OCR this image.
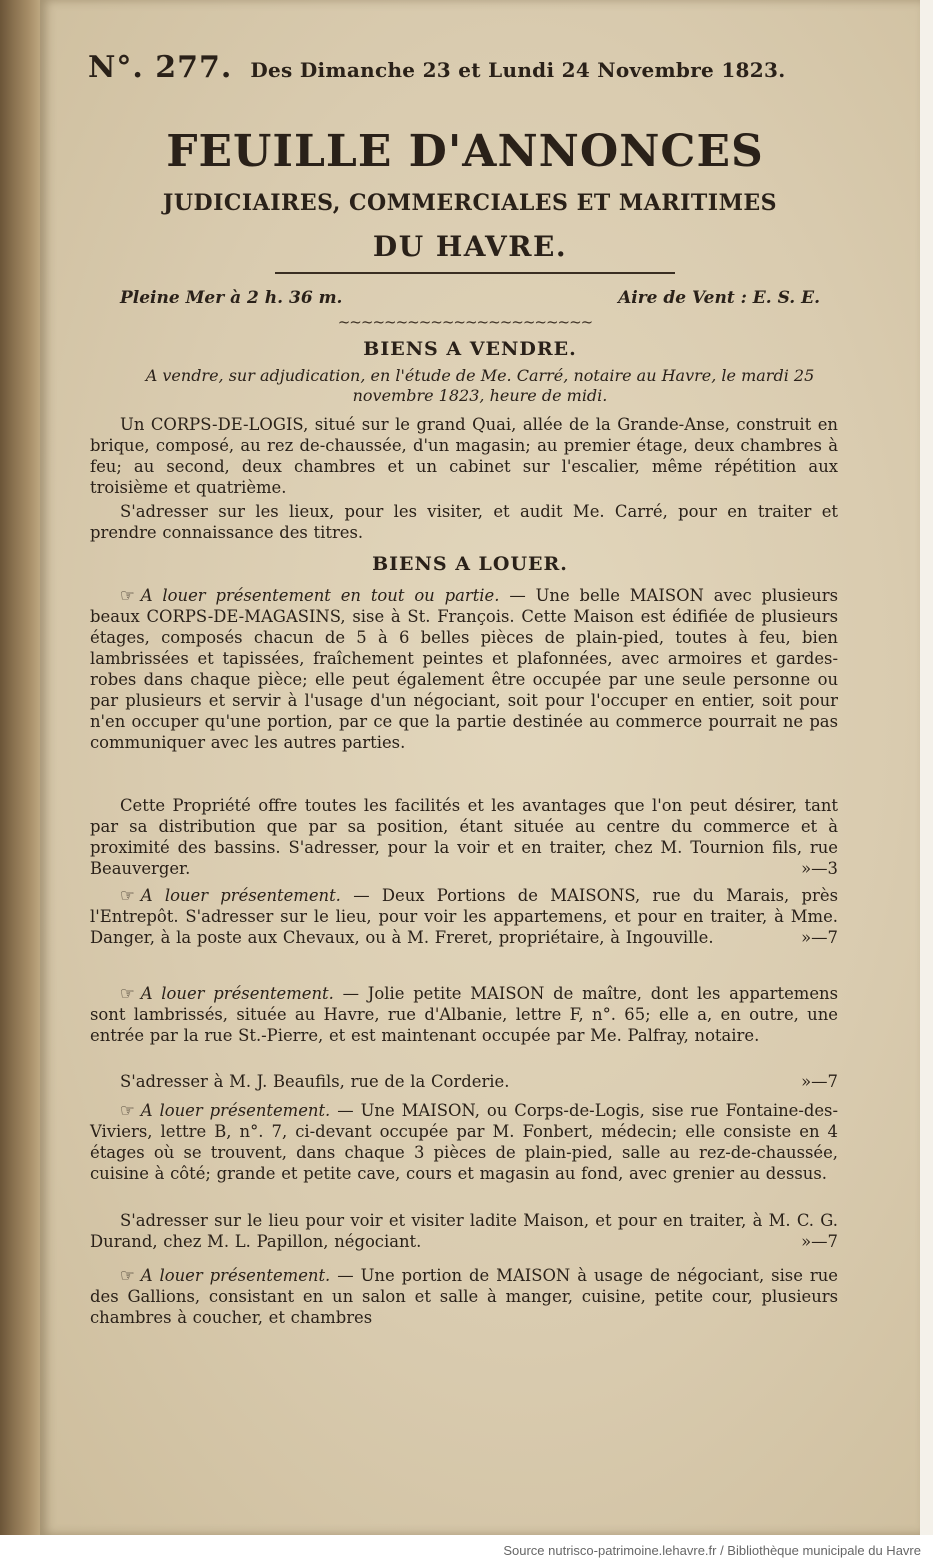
N°. 277. Des Dimanche 23 et Lundi 24 Novembre 1823.
FEUILLE D'ANNONCES
JUDICIAIRES, COMMERCIALES ET MARITIMES
DU HAVRE.
Pleine Mer à 2 h. 36 m.	Aire de Vent : E. S. E.
~~~~~~~~~~~~~~~~~~~~~~
BIENS A VENDRE.
A vendre, sur adjudication, en l'étude de Me. Carré, notaire au Havre, le mardi 25 novembre 1823, heure de midi.
Un CORPS-DE-LOGIS, situé sur le grand Quai, allée de la Grande-Anse, construit en brique, composé, au rez de-chaussée, d'un magasin; au premier étage, deux chambres à feu; au second, deux chambres et un cabinet sur l'escalier, même répétition aux troisième et quatrième.
S'adresser sur les lieux, pour les visiter, et audit Me. Carré, pour en traiter et prendre connaissance des titres.
BIENS A LOUER.
☞ A louer présentement en tout ou partie. — Une belle MAISON avec plusieurs beaux CORPS-DE-MAGASINS, sise à St. François. Cette Maison est édifiée de plusieurs étages, composés chacun de 5 à 6 belles pièces de plain-pied, toutes à feu, bien lambrissées et tapissées, fraîchement peintes et plafonnées, avec armoires et gardes-robes dans chaque pièce; elle peut également être occupée par une seule personne ou par plusieurs et servir à l'usage d'un négociant, soit pour l'occuper en entier, soit pour n'en occuper qu'une portion, par ce que la partie destinée au commerce pourrait ne pas communiquer avec les autres parties.
Cette Propriété offre toutes les facilités et les avantages que l'on peut désirer, tant par sa distribution que par sa position, étant située au centre du commerce et à proximité des bassins. S'adresser, pour la voir et en traiter, chez M. Tournion fils, rue Beauverger.	»—3
☞ A louer présentement. — Deux Portions de MAISONS, rue du Marais, près l'Entrepôt. S'adresser sur le lieu, pour voir les appartemens, et pour en traiter, à Mme. Danger, à la poste aux Chevaux, ou à M. Freret, propriétaire, à Ingouville.	»—7
☞ A louer présentement. — Jolie petite MAISON de maître, dont les appartemens sont lambrissés, située au Havre, rue d'Albanie, lettre F, n°. 65; elle a, en outre, une entrée par la rue St.-Pierre, et est maintenant occupée par Me. Palfray, notaire.
S'adresser à M. J. Beaufils, rue de la Corderie.	»—7
☞ A louer présentement. — Une MAISON, ou Corps-de-Logis, sise rue Fontaine-des-Viviers, lettre B, n°. 7, ci-devant occupée par M. Fonbert, médecin; elle consiste en 4 étages où se trouvent, dans chaque 3 pièces de plain-pied, salle au rez-de-chaussée, cuisine à côté; grande et petite cave, cours et magasin au fond, avec grenier au dessus.
S'adresser sur le lieu pour voir et visiter ladite Maison, et pour en traiter, à M. C. G. Durand, chez M. L. Papillon, négociant.	»—7
☞ A louer présentement. — Une portion de MAISON à usage de négociant, sise rue des Gallions, consistant en un salon et salle à manger, cuisine, petite cour, plusieurs chambres à coucher, et chambres
Source nutrisco-patrimoine.lehavre.fr / Bibliothèque municipale du Havre
